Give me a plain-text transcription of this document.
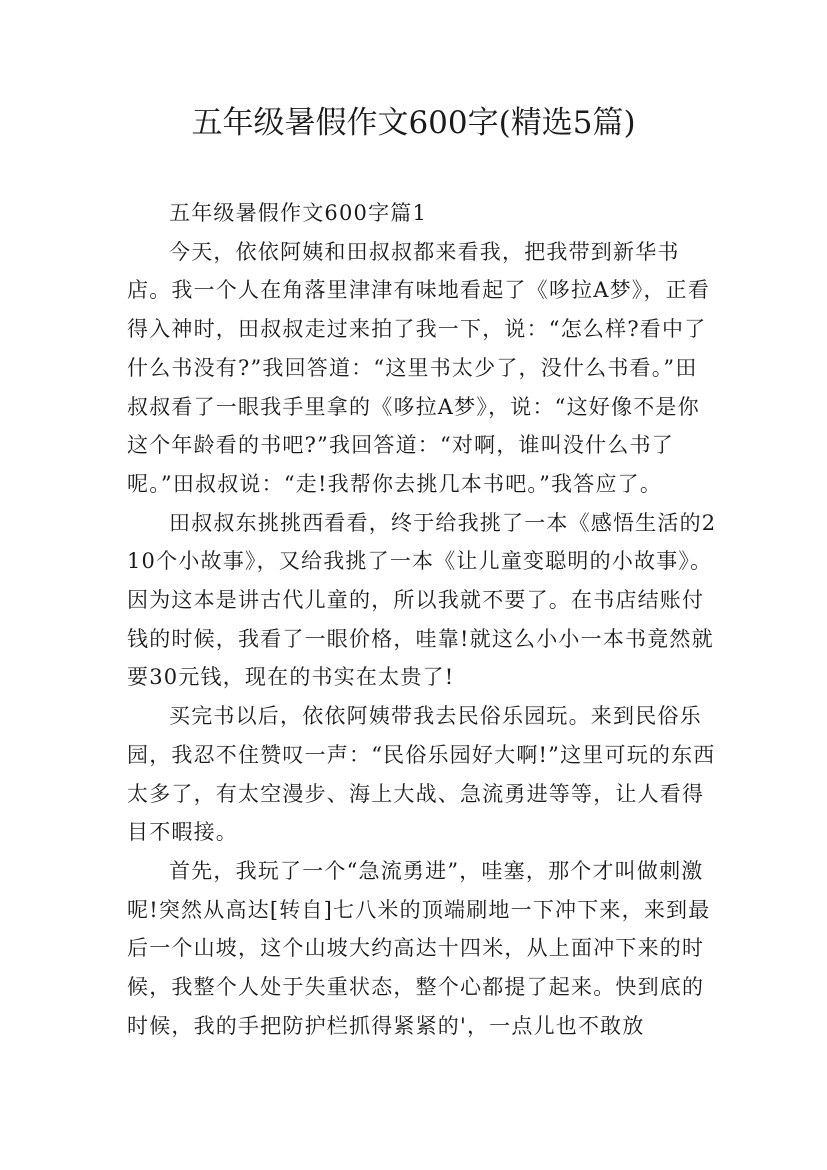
五年级暑假作文600字(精选5篇)

五年级暑假作文600字篇1

今天，依依阿姨和田叔叔都来看我，把我带到新华书店。我一个人在角落里津津有味地看起了《哆拉A梦》，正看得入神时，田叔叔走过来拍了我一下，说：“怎么样?看中了什么书没有?”我回答道：“这里书太少了，没什么书看。”田叔叔看了一眼我手里拿的《哆拉A梦》，说：“这好像不是你这个年龄看的书吧?”我回答道：“对啊，谁叫没什么书了呢。”田叔叔说：“走!我帮你去挑几本书吧。”我答应了。

田叔叔东挑挑西看看，终于给我挑了一本《感悟生活的210个小故事》，又给我挑了一本《让儿童变聪明的小故事》。因为这本是讲古代儿童的，所以我就不要了。在书店结账付钱的时候，我看了一眼价格，哇靠!就这么小小一本书竟然就要30元钱，现在的书实在太贵了!

买完书以后，依依阿姨带我去民俗乐园玩。来到民俗乐园，我忍不住赞叹一声：“民俗乐园好大啊!”这里可玩的东西太多了，有太空漫步、海上大战、急流勇进等等，让人看得目不暇接。

首先，我玩了一个“急流勇进”，哇塞，那个才叫做刺激呢!突然从高达[转自]七八米的顶端刷地一下冲下来，来到最后一个山坡，这个山坡大约高达十四米，从上面冲下来的时候，我整个人处于失重状态，整个心都提了起来。快到底的时候，我的手把防护栏抓得紧紧的'，一点儿也不敢放
